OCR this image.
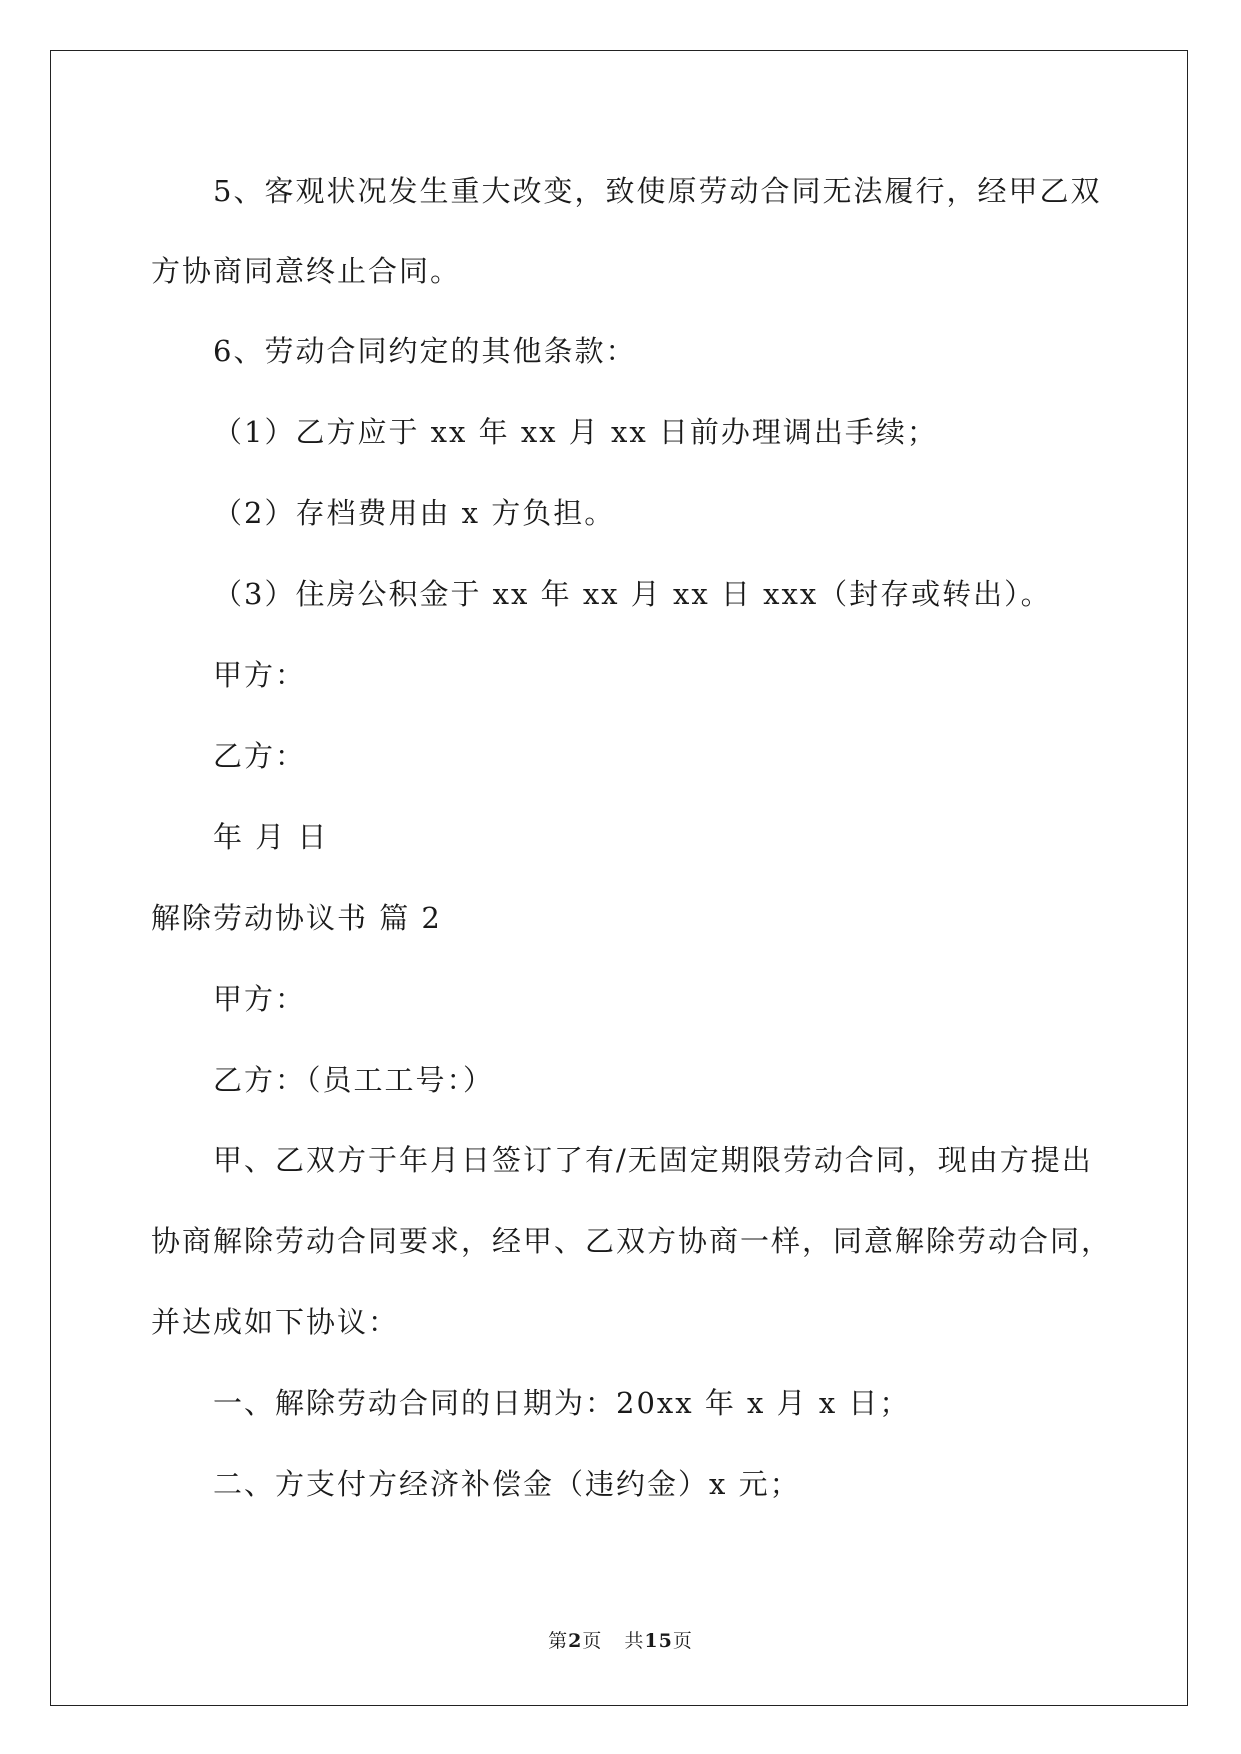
5、客观状况发生重大改变，致使原劳动合同无法履行，经甲乙双
方协商同意终止合同。
6、劳动合同约定的其他条款：
（1）乙方应于 xx 年 xx 月 xx 日前办理调出手续；
（2）存档费用由 x 方负担。
（3）住房公积金于 xx 年 xx 月 xx 日 xxx（封存或转出）。
甲方：
乙方：
年 月 日
解除劳动协议书 篇 2
甲方：
乙方：（员工工号：）
甲、乙双方于年月日签订了有/无固定期限劳动合同，现由方提出
协商解除劳动合同要求，经甲、乙双方协商一样，同意解除劳动合同，
并达成如下协议：
一、解除劳动合同的日期为：20xx 年 x 月 x 日；
二、方支付方经济补偿金（违约金）x 元；
第2页 共15页
